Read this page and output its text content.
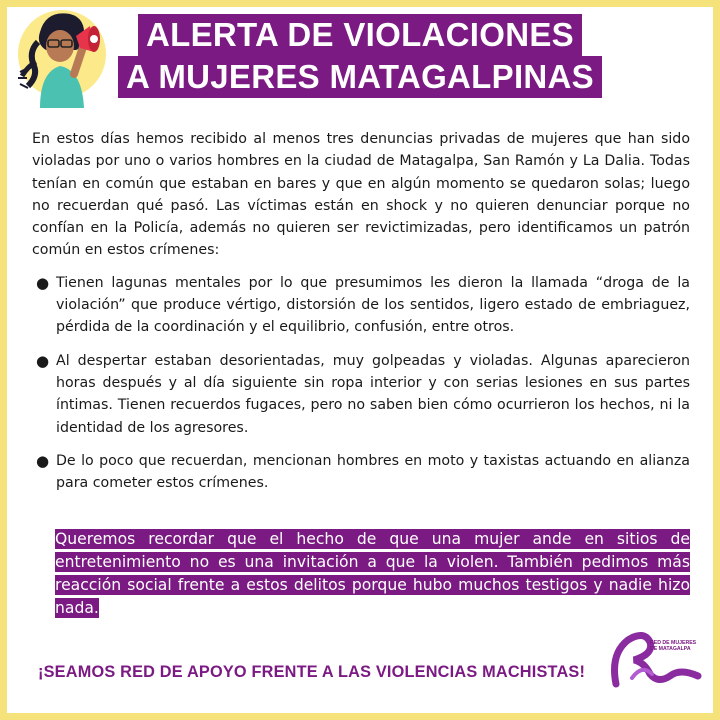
ALERTA DE VIOLACIONES
A MUJERES MATAGALPINAS

En estos días hemos recibido al menos tres denuncias privadas de mujeres que han sido violadas por uno o varios hombres en la ciudad de Matagalpa, San Ramón y La Dalia. Todas tenían en común que estaban en bares y que en algún momento se quedaron solas; luego no recuerdan qué pasó. Las víctimas están en shock y no quieren denunciar porque no confían en la Policía, además no quieren ser revictimizadas, pero identificamos un patrón común en estos crímenes:

● Tienen lagunas mentales por lo que presumimos les dieron la llamada “droga de la violación” que produce vértigo, distorsión de los sentidos, ligero estado de embriaguez, pérdida de la coordinación y el equilibrio, confusión, entre otros.
● Al despertar estaban desorientadas, muy golpeadas y violadas. Algunas aparecieron horas después y al día siguiente sin ropa interior y con serias lesiones en sus partes íntimas. Tienen recuerdos fugaces, pero no saben bien cómo ocurrieron los hechos, ni la identidad de los agresores.
● De lo poco que recuerdan, mencionan hombres en moto y taxistas actuando en alianza para cometer estos crímenes.
Queremos recordar que el hecho de que una mujer ande en sitios de entretenimiento no es una invitación a que la violen. También pedimos más reacción social frente a estos delitos porque hubo muchos testigos y nadie hizo nada.
¡SEAMOS RED DE APOYO FRENTE A LAS VIOLENCIAS MACHISTAS!
RED DE MUJERES
DE MATAGALPA
